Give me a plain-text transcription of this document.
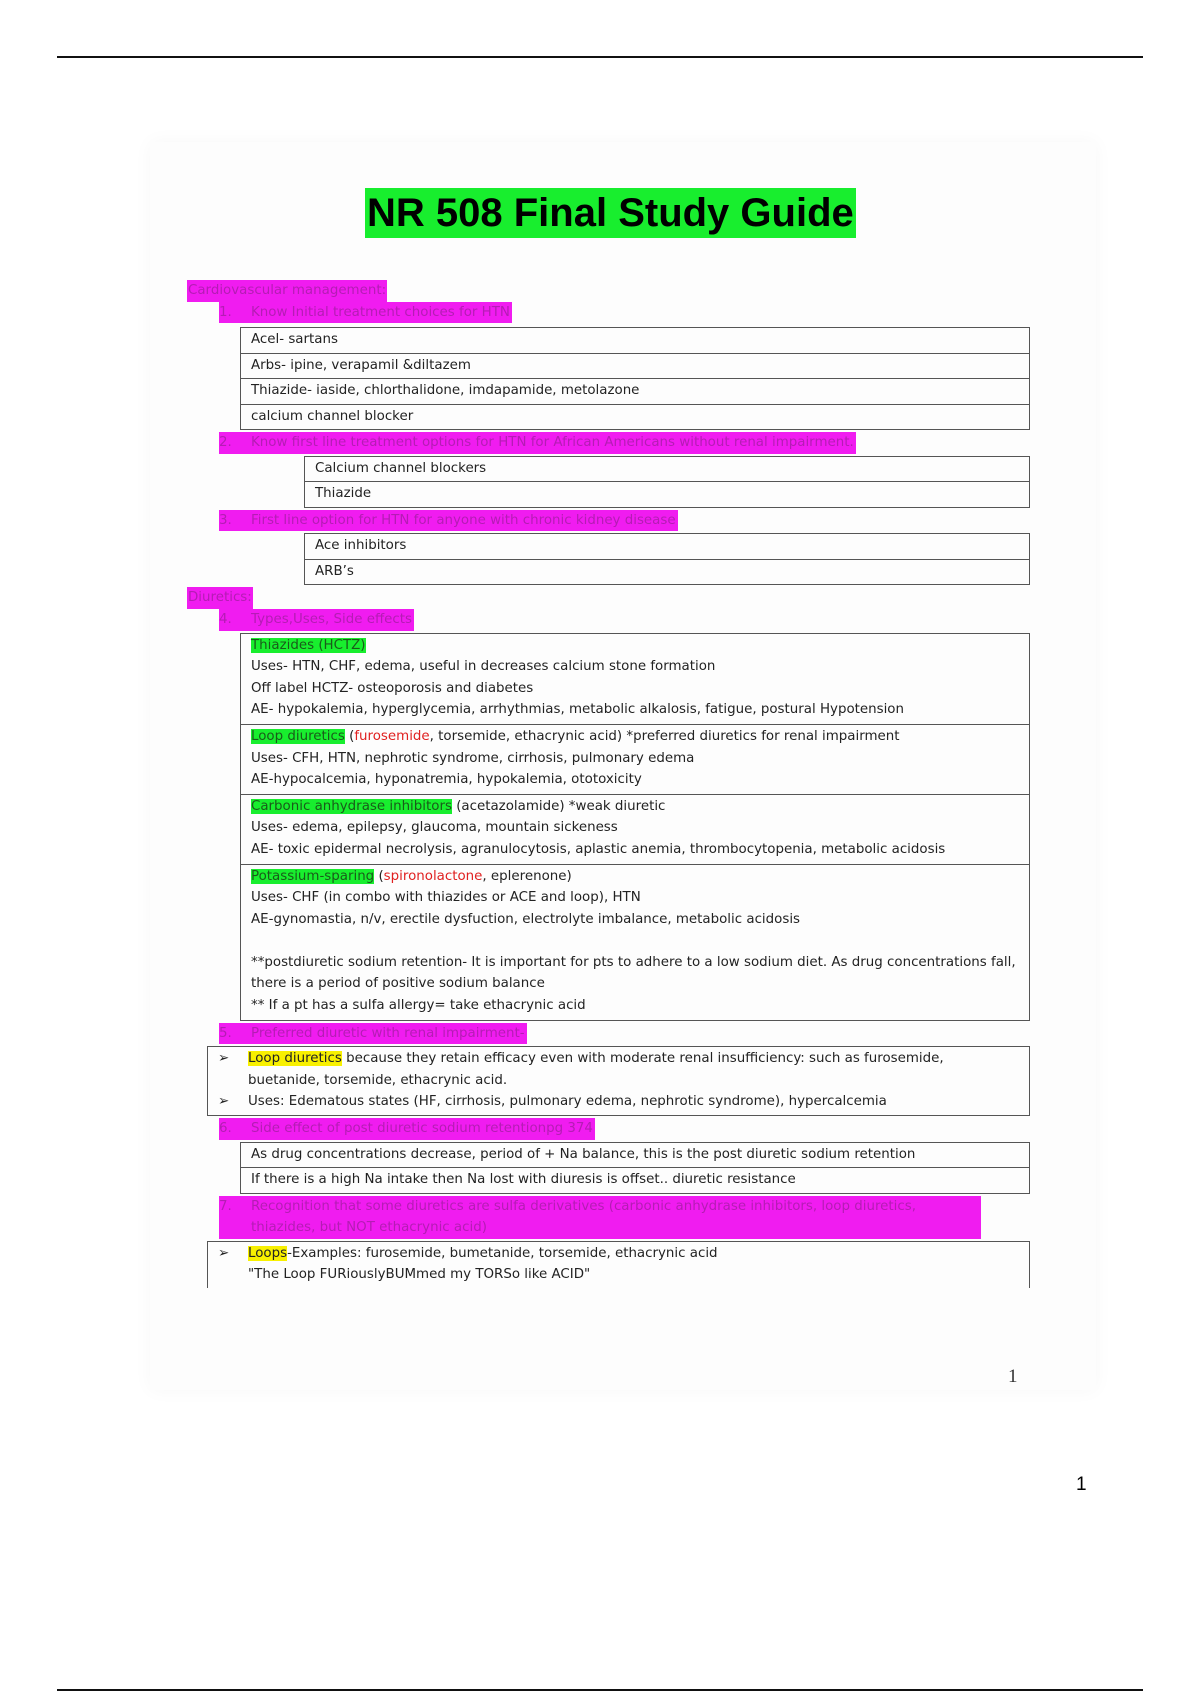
NR 508 Final Study Guide
Cardiovascular management:
1. Know Initial treatment choices for HTN
Acel- sartans
Arbs- ipine, verapamil &diltazem
Thiazide- iaside, chlorthalidone, imdapamide, metolazone
calcium channel blocker
2. Know first line treatment options for HTN for African Americans without renal impairment.
Calcium channel blockers
Thiazide
3. First line option for HTN for anyone with chronic kidney disease
Ace inhibitors
ARB’s
Diuretics:
4. Types,Uses, Side effects
Thiazides (HCTZ)
Uses- HTN, CHF, edema, useful in decreases calcium stone formation
Off label HCTZ- osteoporosis and diabetes
AE- hypokalemia, hyperglycemia, arrhythmias, metabolic alkalosis, fatigue, postural Hypotension
Loop diuretics (furosemide, torsemide, ethacrynic acid) *preferred diuretics for renal impairment
Uses- CFH, HTN, nephrotic syndrome, cirrhosis, pulmonary edema
AE-hypocalcemia, hyponatremia, hypokalemia, ototoxicity
Carbonic anhydrase inhibitors (acetazolamide) *weak diuretic
Uses- edema, epilepsy, glaucoma, mountain sickeness
AE- toxic epidermal necrolysis, agranulocytosis, aplastic anemia, thrombocytopenia, metabolic acidosis
Potassium-sparing (spironolactone, eplerenone)
Uses- CHF (in combo with thiazides or ACE and loop), HTN
AE-gynomastia, n/v, erectile dysfuction, electrolyte imbalance, metabolic acidosis

**postdiuretic sodium retention- It is important for pts to adhere to a low sodium diet. As drug concentrations fall, there is a period of positive sodium balance
** If a pt has a sulfa allergy= take ethacrynic acid
5. Preferred diuretic with renal impairment-
➢	Loop diuretics because they retain efficacy even with moderate renal insufficiency: such as furosemide, buetanide, torsemide, ethacrynic acid.
➢	Uses: Edematous states (HF, cirrhosis, pulmonary edema, nephrotic syndrome), hypercalcemia
6. Side effect of post diuretic sodium retentionpg 374
As drug concentrations decrease, period of + Na balance, this is the post diuretic sodium retention
If there is a high Na intake then Na lost with diuresis is offset.. diuretic resistance
7.	Recognition that some diuretics are sulfa derivatives (carbonic anhydrase inhibitors, loop diuretics, thiazides, but NOT ethacrynic acid)
➢	Loops-Examples: furosemide, bumetanide, torsemide, ethacrynic acid
"The Loop FURiouslyBUMmed my TORSo like ACID"
1
1
